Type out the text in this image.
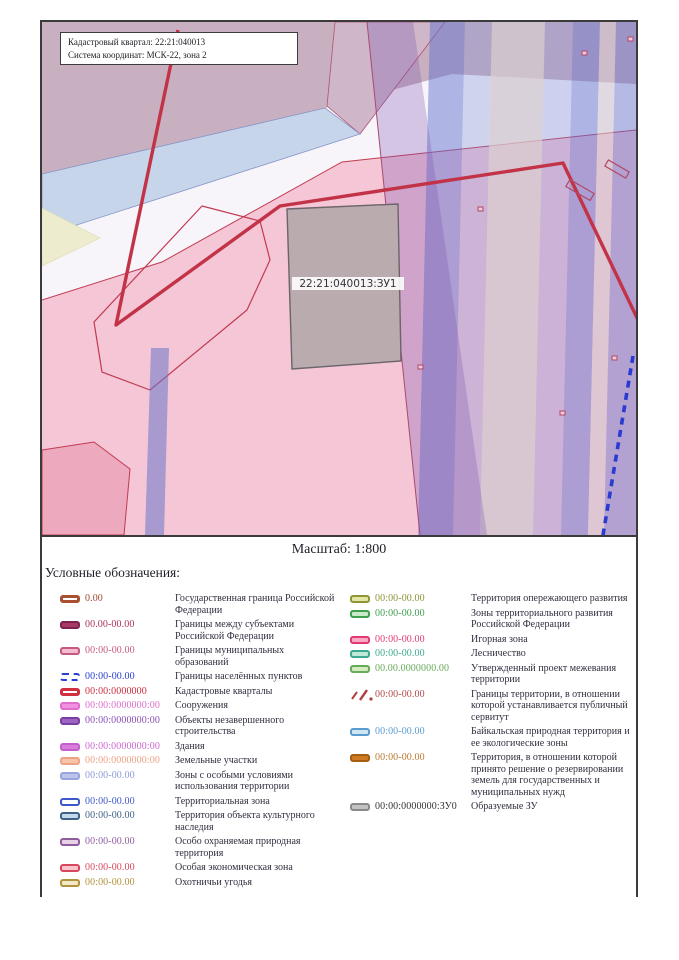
22:21:040013:ЗУ1
Кадастровый квартал: 22:21:040013
Система координат: МСК-22, зона 2
Масштаб: 1:800
Условные обозначения:
0.00	Государственная граница Российской Федерации
00.00-00.00	Границы между субъектами Российской Федерации
00:00-00.00	Границы муниципальных образований
00:00-00.00	Границы населённых пунктов
00:00:0000000	Кадастровые кварталы
00:00:0000000:00	Сооружения
00:00:0000000:00	Объекты незавершенного строительства
00:00:0000000:00	Здания
00:00:0000000:00	Земельные участки
00:00-00.00	Зоны с особыми условиями использования территории
00:00-00.00	Территориальная зона
00:00-00.00	Территория объекта культурного наследия
00:00-00.00	Особо охраняемая природная территория
00:00-00.00	Особая экономическая зона
00:00-00.00	Охотничьи угодья
00:00-00.00	Территория опережающего развития
00:00-00.00	Зоны территориального развития Российской Федерации
00:00-00.00	Игорная зона
00:00-00.00	Лесничество
00.00.0000000.00	Утвержденный проект межевания территории
00:00-00.00	Границы территории, в отношении которой устанавливается публичный сервитут
00:00-00.00	Байкальская природная территория и ее экологические зоны
00:00-00.00	Территория, в отношении которой принято решение о резервировании земель для государственных и муниципальных нужд
00:00:0000000:ЗУ0	Образуемые ЗУ
